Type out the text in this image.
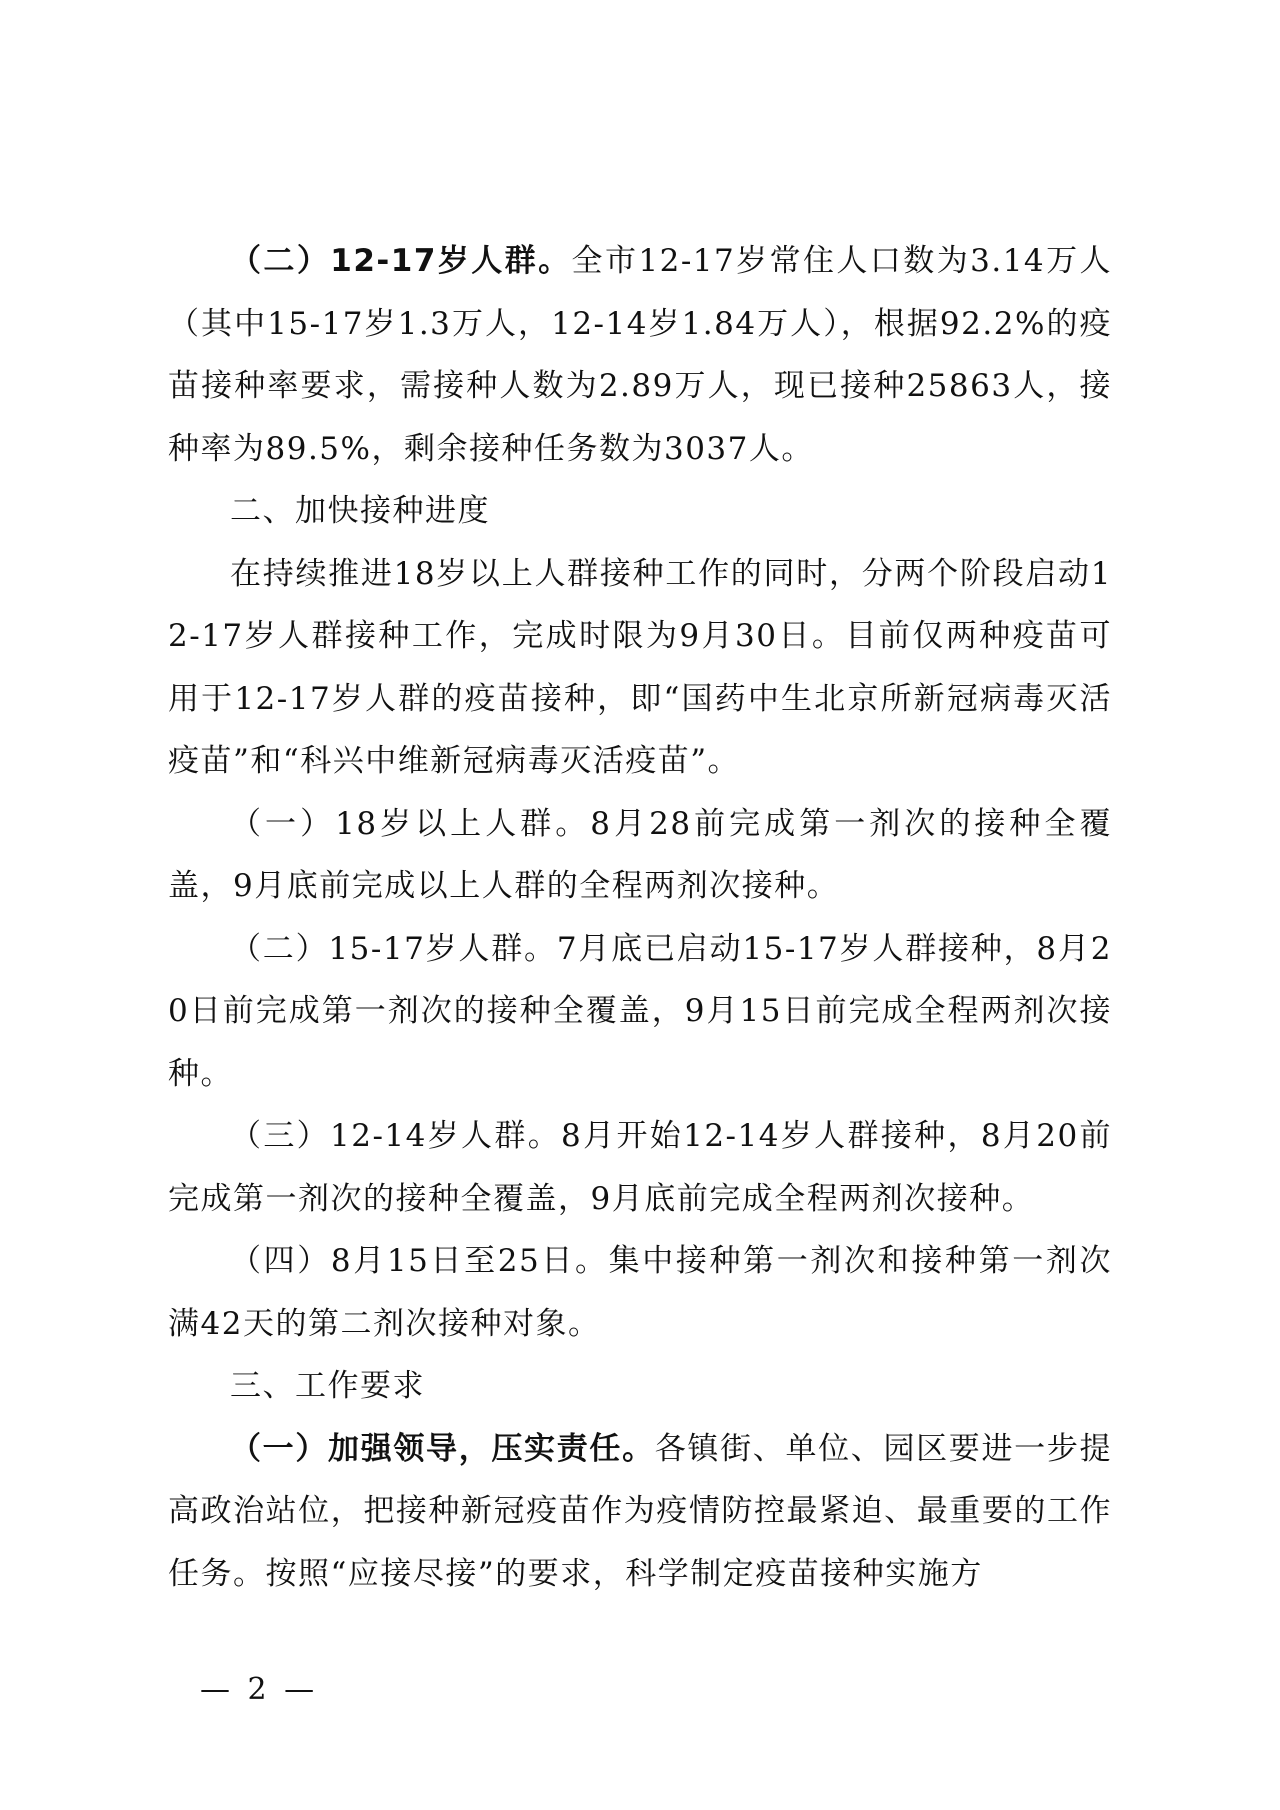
（二）12-17岁人群。全市12-17岁常住人口数为3.14万人（其中15-17岁1.3万人，12-14岁1.84万人），根据92.2%的疫苗接种率要求，需接种人数为2.89万人，现已接种25863人，接种率为89.5%，剩余接种任务数为3037人。

二、加快接种进度

在持续推进18岁以上人群接种工作的同时，分两个阶段启动12-17岁人群接种工作，完成时限为9月30日。目前仅两种疫苗可用于12-17岁人群的疫苗接种，即“国药中生北京所新冠病毒灭活疫苗”和“科兴中维新冠病毒灭活疫苗”。

（一）18岁以上人群。8月28前完成第一剂次的接种全覆盖，9月底前完成以上人群的全程两剂次接种。

（二）15-17岁人群。7月底已启动15-17岁人群接种，8月20日前完成第一剂次的接种全覆盖，9月15日前完成全程两剂次接种。

（三）12-14岁人群。8月开始12-14岁人群接种，8月20前完成第一剂次的接种全覆盖，9月底前完成全程两剂次接种。

（四）8月15日至25日。集中接种第一剂次和接种第一剂次满42天的第二剂次接种对象。

三、工作要求

（一）加强领导，压实责任。各镇街、单位、园区要进一步提高政治站位，把接种新冠疫苗作为疫情防控最紧迫、最重要的工作任务。按照“应接尽接”的要求，科学制定疫苗接种实施方

— 2 —
